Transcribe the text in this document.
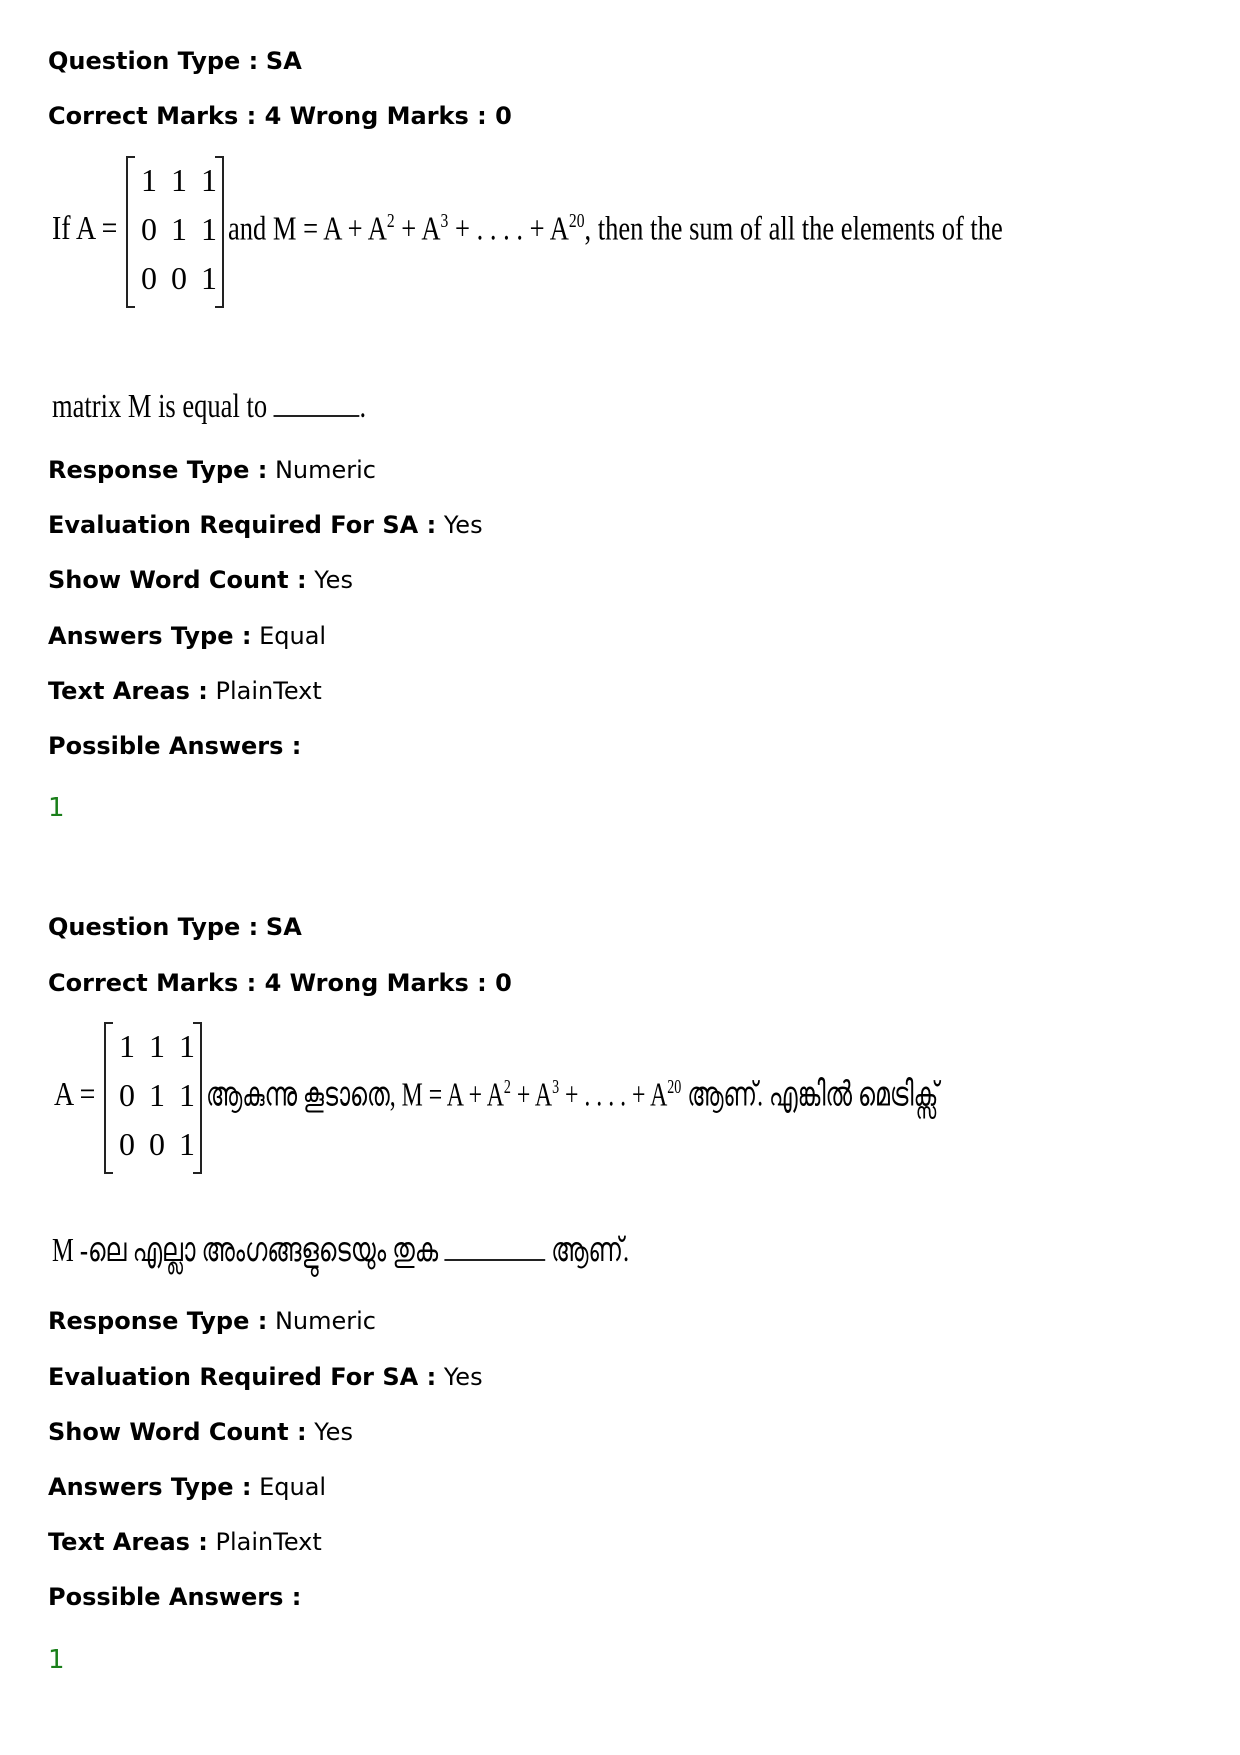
Question Type : SA
Correct Marks : 4 Wrong Marks : 0
If A =
1	1	1
0	1	1
0	0	1
and $M = A + A^2 + A^3$ + . . . . + $A^{20}$, then the sum of all the elements of the
matrix M is equal to	.
Response Type : Numeric
Evaluation Required For SA : Yes
Show Word Count : Yes
Answers Type : Equal
Text Areas : PlainText
Possible Answers :
1
Question Type : SA
Correct Marks : 4 Wrong Marks : 0
A =
1	1	1
0	1	1
0	0	1
ആകുന്നു കൂടാതെ, $M = A + A^2 + A^3$ + . . . . + $A^{20}$ ആണ്. എങ്കിൽ മെട്രിക്സ്
M -ലെ എല്ലാ അംഗങ്ങളുടെയും തുക	ആണ്.
Response Type : Numeric
Evaluation Required For SA : Yes
Show Word Count : Yes
Answers Type : Equal
Text Areas : PlainText
Possible Answers :
1
